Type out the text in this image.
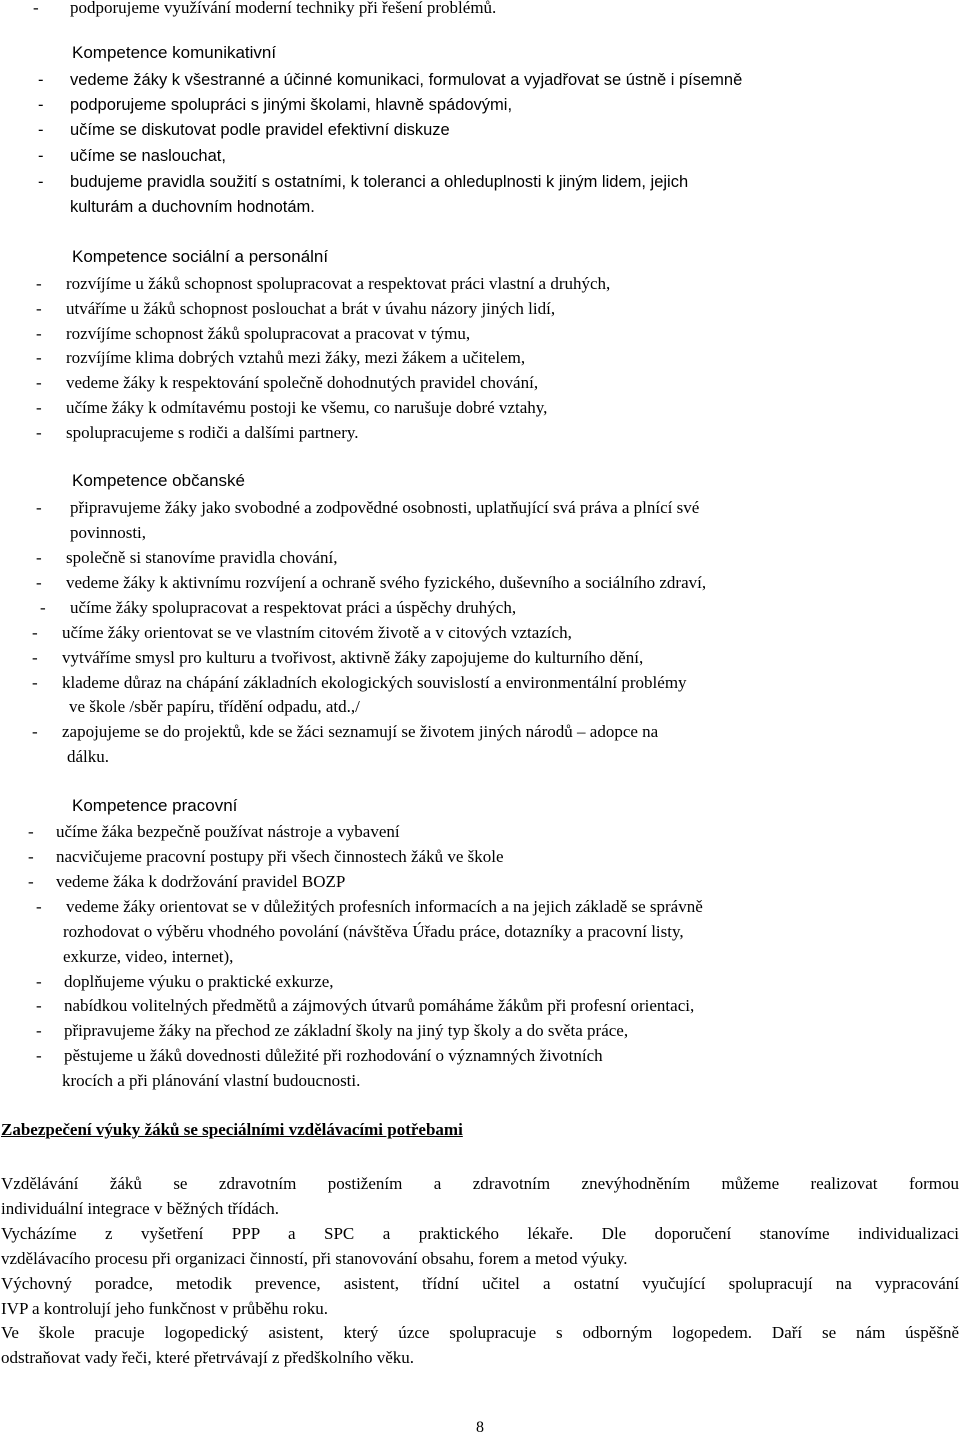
- podporujeme využívání moderní techniky při řešení problémů.
Kompetence komunikativní
- vedeme žáky k všestranné a účinné komunikaci, formulovat a vyjadřovat se ústně i písemně
- podporujeme spolupráci s jinými školami, hlavně spádovými,
- učíme se diskutovat podle pravidel efektivní diskuze
- učíme se naslouchat,
- budujeme pravidla soužití s ostatními, k toleranci a ohleduplnosti k jiným lidem, jejich
kulturám a duchovním hodnotám.
Kompetence sociální a personální
- rozvíjíme u žáků schopnost spolupracovat a respektovat práci vlastní a druhých,
- utváříme u žáků schopnost poslouchat a brát v úvahu názory jiných lidí,
- rozvíjíme schopnost žáků spolupracovat a pracovat v týmu,
- rozvíjíme klima dobrých vztahů mezi žáky, mezi žákem a učitelem,
- vedeme žáky k respektování společně dohodnutých pravidel chování,
- učíme žáky k odmítavému postoji ke všemu, co narušuje dobré vztahy,
- spolupracujeme s rodiči a dalšími partnery.
Kompetence občanské
- připravujeme žáky jako svobodné a zodpovědné osobnosti, uplatňující svá práva a plnící své
povinnosti,
- společně si stanovíme pravidla chování,
- vedeme žáky k aktivnímu rozvíjení a ochraně svého fyzického, duševního a sociálního zdraví,
- učíme žáky spolupracovat a respektovat práci a úspěchy druhých,
- učíme žáky orientovat se ve vlastním citovém životě a v citových vztazích,
- vytváříme smysl pro kulturu a tvořivost, aktivně žáky zapojujeme do kulturního dění,
- klademe důraz na chápání základních ekologických souvislostí a environmentální problémy
ve škole /sběr papíru, třídění odpadu, atd.,/
- zapojujeme se do projektů, kde se žáci seznamují se životem jiných národů – adopce na
dálku.
Kompetence pracovní
- učíme žáka bezpečně používat nástroje a vybavení
- nacvičujeme pracovní postupy při všech činnostech žáků ve škole
- vedeme žáka k dodržování pravidel BOZP
- vedeme žáky orientovat se v důležitých profesních informacích a na jejich základě se správně
rozhodovat o výběru vhodného povolání (návštěva Úřadu práce, dotazníky a pracovní listy,
exkurze, video, internet),
- doplňujeme výuku o praktické exkurze,
- nabídkou volitelných předmětů a zájmových útvarů pomáháme žákům při profesní orientaci,
- připravujeme žáky na přechod ze základní školy na jiný typ školy a do světa práce,
- pěstujeme u žáků dovednosti důležité při rozhodování o významných životních
krocích a při plánování vlastní budoucnosti.
Zabezpečení výuky žáků se speciálními vzdělávacími potřebami
Vzdělávání žáků se zdravotním postižením a zdravotním znevýhodněním můžeme realizovat formou
individuální integrace v běžných třídách.
Vycházíme z vyšetření PPP a SPC a praktického lékaře. Dle doporučení stanovíme individualizaci
vzdělávacího procesu při organizaci činností, při stanovování obsahu, forem a metod výuky.
Výchovný poradce, metodik prevence, asistent, třídní učitel a ostatní vyučující spolupracují na vypracování
IVP a kontrolují jeho funkčnost v průběhu roku.
Ve škole pracuje logopedický asistent, který úzce spolupracuje s odborným logopedem. Daří se nám úspěšně
odstraňovat vady řeči, které přetrvávají z předškolního věku.
8
